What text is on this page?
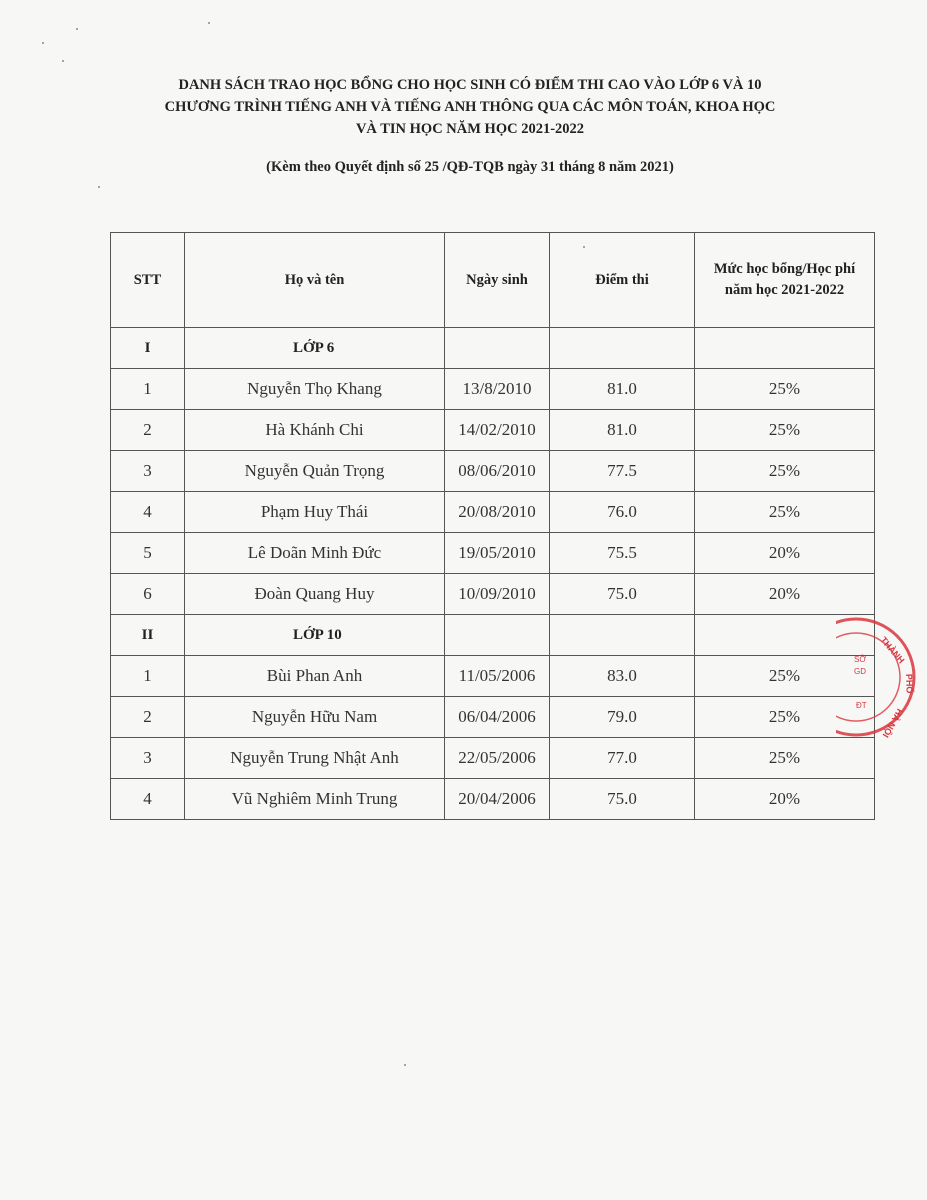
DANH SÁCH TRAO HỌC BỔNG CHO HỌC SINH CÓ ĐIỂM THI CAO VÀO LỚP 6 VÀ 10
CHƯƠNG TRÌNH TIẾNG ANH VÀ TIẾNG ANH THÔNG QUA CÁC MÔN TOÁN, KHOA HỌC
VÀ TIN HỌC NĂM HỌC 2021-2022
(Kèm theo Quyết định số 25 /QĐ-TQB ngày 31 tháng 8 năm 2021)
STT	Họ và tên	Ngày sinh	Điểm thi	Mức học bổng/Học phí
năm học 2021-2022

I	LỚP 6			
1	Nguyễn Thọ Khang	13/8/2010	81.0	25%
2	Hà Khánh Chi	14/02/2010	81.0	25%
3	Nguyễn Quản Trọng	08/06/2010	77.5	25%
4	Phạm Huy Thái	20/08/2010	76.0	25%
5	Lê Doãn Minh Đức	19/05/2010	75.5	20%
6	Đoàn Quang Huy	10/09/2010	75.0	20%
II	LỚP 10			
1	Bùi Phan Anh	11/05/2006	83.0	25%
2	Nguyễn Hữu Nam	06/04/2006	79.0	25%
3	Nguyễn Trung Nhật Anh	22/05/2006	77.0	25%
4	Vũ Nghiêm Minh Trung	20/04/2006	75.0	20%
THÀNH
PHỐ
HÀ NỘI
SỞ
GD
ĐT
